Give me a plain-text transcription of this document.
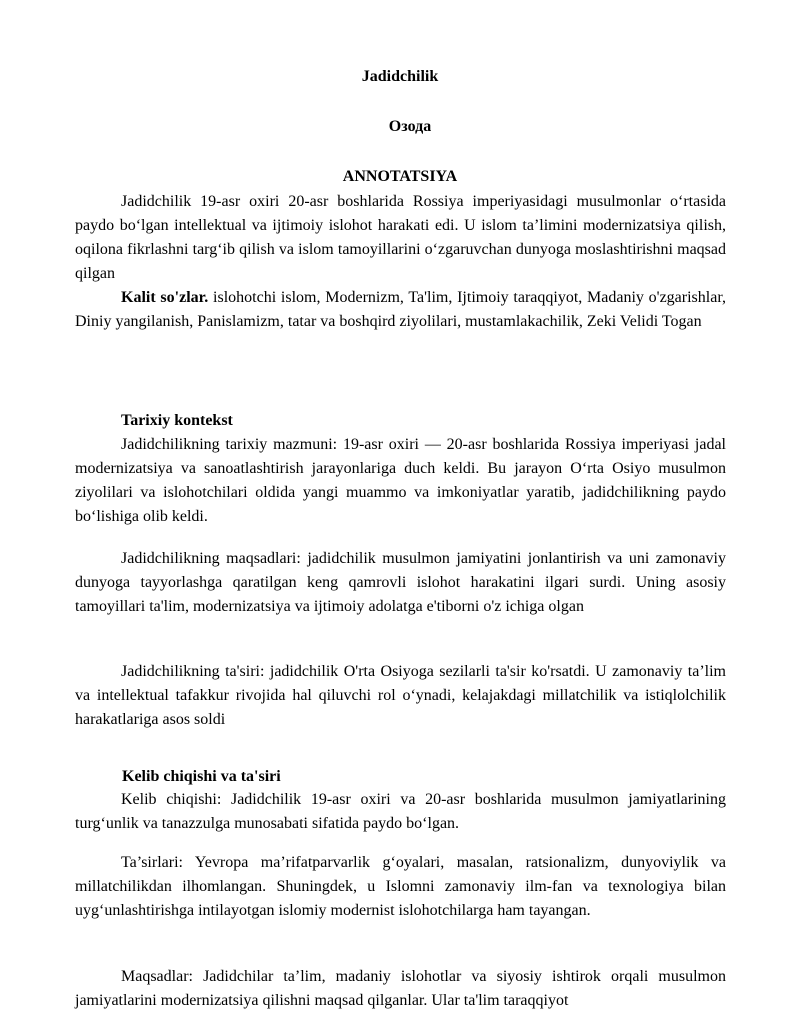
Jadidchilik
Озода
ANNOTATSIYA

Jadidchilik 19-asr oxiri 20-asr boshlarida Rossiya imperiyasidagi musulmonlar o‘rtasida paydo bo‘lgan intellektual va ijtimoiy islohot harakati edi. U islom ta’limini modernizatsiya qilish, oqilona fikrlashni targ‘ib qilish va islom tamoyillarini o‘zgaruvchan dunyoga moslashtirishni maqsad qilgan

Kalit so'zlar. islohotchi islom, Modernizm, Ta'lim, Ijtimoiy taraqqiyot, Madaniy o'zgarishlar, Diniy yangilanish, Panislamizm, tatar va boshqird ziyolilari, mustamlakachilik, Zeki Velidi Togan

Tarixiy kontekst

Jadidchilikning tarixiy mazmuni: 19-asr oxiri — 20-asr boshlarida Rossiya imperiyasi jadal modernizatsiya va sanoatlashtirish jarayonlariga duch keldi. Bu jarayon O‘rta Osiyo musulmon ziyolilari va islohotchilari oldida yangi muammo va imkoniyatlar yaratib, jadidchilikning paydo bo‘lishiga olib keldi.

Jadidchilikning maqsadlari: jadidchilik musulmon jamiyatini jonlantirish va uni zamonaviy dunyoga tayyorlashga qaratilgan keng qamrovli islohot harakatini ilgari surdi. Uning asosiy tamoyillari ta'lim, modernizatsiya va ijtimoiy adolatga e'tiborni o'z ichiga olgan

Jadidchilikning ta'siri: jadidchilik O'rta Osiyoga sezilarli ta'sir ko'rsatdi. U zamonaviy ta’lim va intellektual tafakkur rivojida hal qiluvchi rol o‘ynadi, kelajakdagi millatchilik va istiqlolchilik harakatlariga asos soldi

Kelib chiqishi va ta'siri

Kelib chiqishi: Jadidchilik 19-asr oxiri va 20-asr boshlarida musulmon jamiyatlarining turg‘unlik va tanazzulga munosabati sifatida paydo bo‘lgan.

Ta’sirlari: Yevropa ma’rifatparvarlik g‘oyalari, masalan, ratsionalizm, dunyoviylik va millatchilikdan ilhomlangan. Shuningdek, u Islomni zamonaviy ilm-fan va texnologiya bilan uyg‘unlashtirishga intilayotgan islomiy modernist islohotchilarga ham tayangan.

Maqsadlar: Jadidchilar ta’lim, madaniy islohotlar va siyosiy ishtirok orqali musulmon jamiyatlarini modernizatsiya qilishni maqsad qilganlar. Ular ta'lim taraqqiyot
